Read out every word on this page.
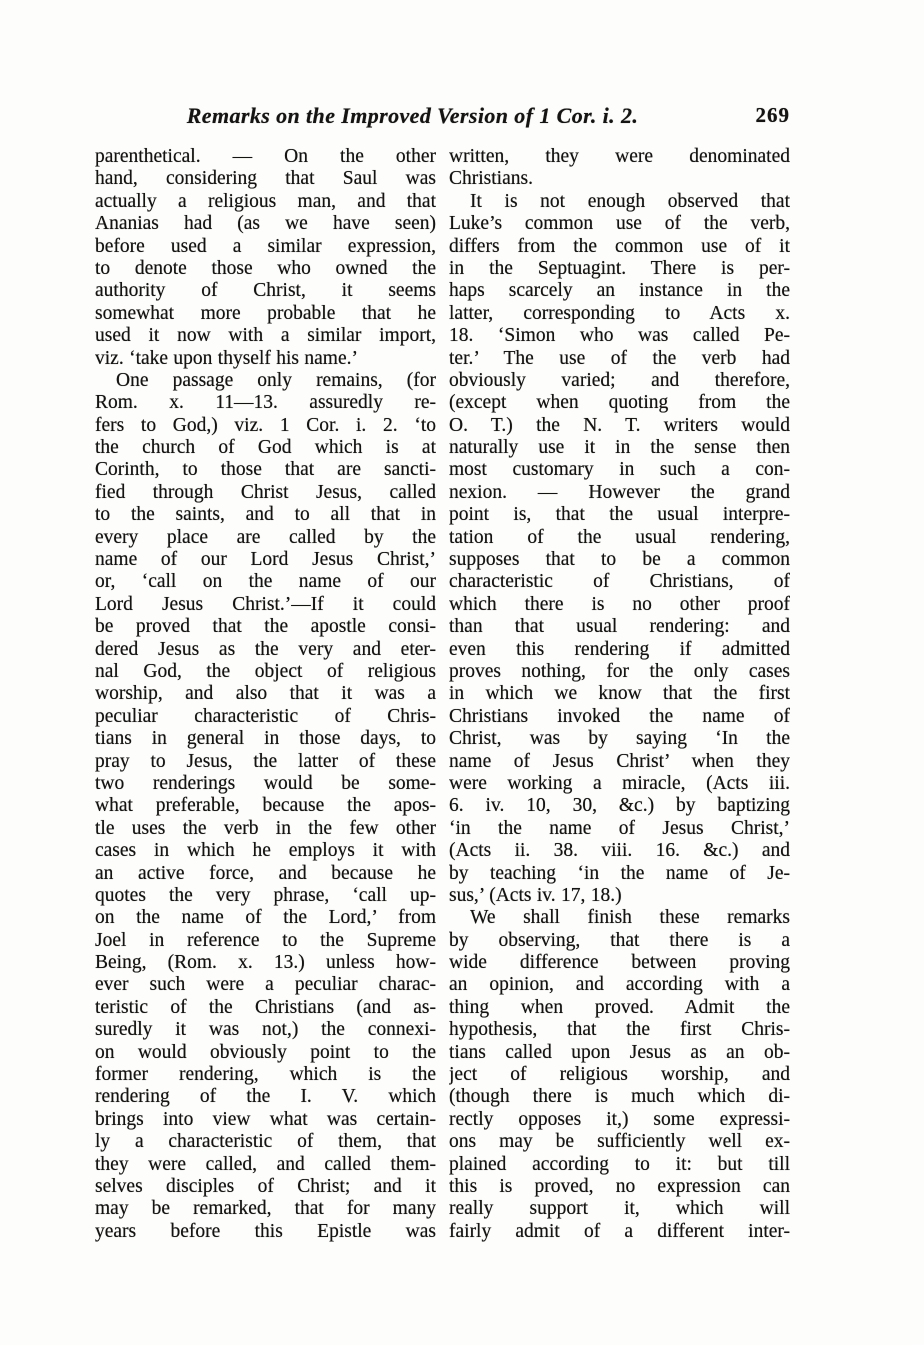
Remarks on the Improved Version of 1 Cor. i. 2.	269
parenthetical. — On the other
hand, considering that Saul was
actually a religious man, and that
Ananias had (as we have seen)
before used a similar expression,
to denote those who owned the
authority of Christ, it seems
somewhat more probable that he
used it now with a similar import,
viz. ‘take upon thyself his name.’
One passage only remains, (for
Rom. x. 11—13. assuredly re-
fers to God,) viz. 1 Cor. i. 2. ‘to
the church of God which is at
Corinth, to those that are sancti-
fied through Christ Jesus, called
to the saints, and to all that in
every place are called by the
name of our Lord Jesus Christ,’
or, ‘call on the name of our
Lord Jesus Christ.’—If it could
be proved that the apostle consi-
dered Jesus as the very and eter-
nal God, the object of religious
worship, and also that it was a
peculiar characteristic of Chris-
tians in general in those days, to
pray to Jesus, the latter of these
two renderings would be some-
what preferable, because the apos-
tle uses the verb in the few other
cases in which he employs it with
an active force, and because he
quotes the very phrase, ‘call up-
on the name of the Lord,’ from
Joel in reference to the Supreme
Being, (Rom. x. 13.) unless how-
ever such were a peculiar charac-
teristic of the Christians (and as-
suredly it was not,) the connexi-
on would obviously point to the
former rendering, which is the
rendering of the I. V. which
brings into view what was certain-
ly a characteristic of them, that
they were called, and called them-
selves disciples of Christ; and it
may be remarked, that for many
years before this Epistle was
written, they were denominated
Christians.
It is not enough observed that
Luke’s common use of the verb,
differs from the common use of it
in the Septuagint. There is per-
haps scarcely an instance in the
latter, corresponding to Acts x.
18. ‘Simon who was called Pe-
ter.’ The use of the verb had
obviously varied; and therefore,
(except when quoting from the
O. T.) the N. T. writers would
naturally use it in the sense then
most customary in such a con-
nexion. — However the grand
point is, that the usual interpre-
tation of the usual rendering,
supposes that to be a common
characteristic of Christians, of
which there is no other proof
than that usual rendering: and
even this rendering if admitted
proves nothing, for the only cases
in which we know that the first
Christians invoked the name of
Christ, was by saying ‘In the
name of Jesus Christ’ when they
were working a miracle, (Acts iii.
6. iv. 10, 30, &c.) by baptizing
‘in the name of Jesus Christ,’
(Acts ii. 38. viii. 16. &c.) and
by teaching ‘in the name of Je-
sus,’ (Acts iv. 17, 18.)
We shall finish these remarks
by observing, that there is a
wide difference between proving
an opinion, and according with a
thing when proved. Admit the
hypothesis, that the first Chris-
tians called upon Jesus as an ob-
ject of religious worship, and
(though there is much which di-
rectly opposes it,) some expressi-
ons may be sufficiently well ex-
plained according to it: but till
this is proved, no expression can
really support it, which will
fairly admit of a different inter-
